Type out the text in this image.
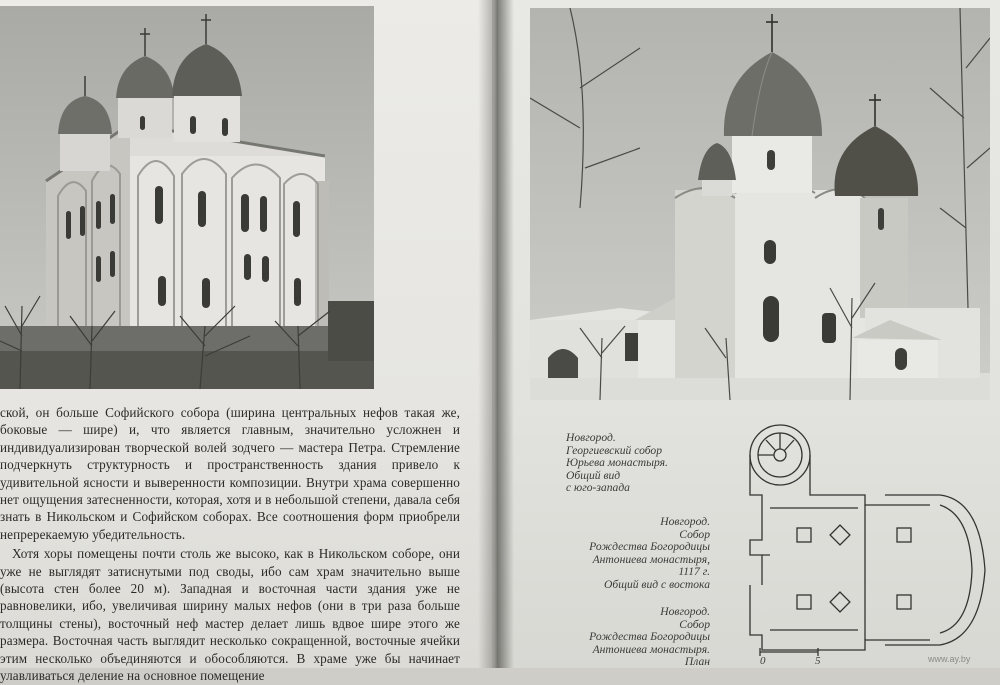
ской, он больше Софийского собора (ширина центральных нефов такая же, боковые — шире) и, что является главным, значительно усложнен и индивидуализирован творческой волей зодчего — мастера Петра. Стремление подчеркнуть структурность и пространственность здания привело к удивительной ясности и выверенности композиции. Внутри храма совершенно нет ощущения затесненности, которая, хотя и в небольшой степени, давала себя знать в Никольском и Софийском соборах. Все соотношения форм приобрели непререкаемую убедительность.

Хотя хоры помещены почти столь же высоко, как в Никольском соборе, они уже не выглядят затиснутыми под своды, ибо сам храм значительно выше (высота стен более 20 м). Западная и восточная части здания уже не равновелики, ибо, увеличивая ширину малых нефов (они в три раза больше толщины стены), восточный неф мастер делает лишь вдвое шире этого же размера. Восточная часть выглядит несколько сокращенной, восточные ячейки этим несколько объединяются и обособляются. В храме уже бы начинает улавливаться деление на основное помещение

Новгород.
Георгиевский собор
Юрьева монастыря.
Общий вид
с юго-запада
Новгород.
Собор
Рождества Богородицы
Антониева монастыря,
1117 г.
Общий вид с востока
Новгород.
Собор
Рождества Богородицы
Антониева монастыря.
План	0	5	www.ay.by
